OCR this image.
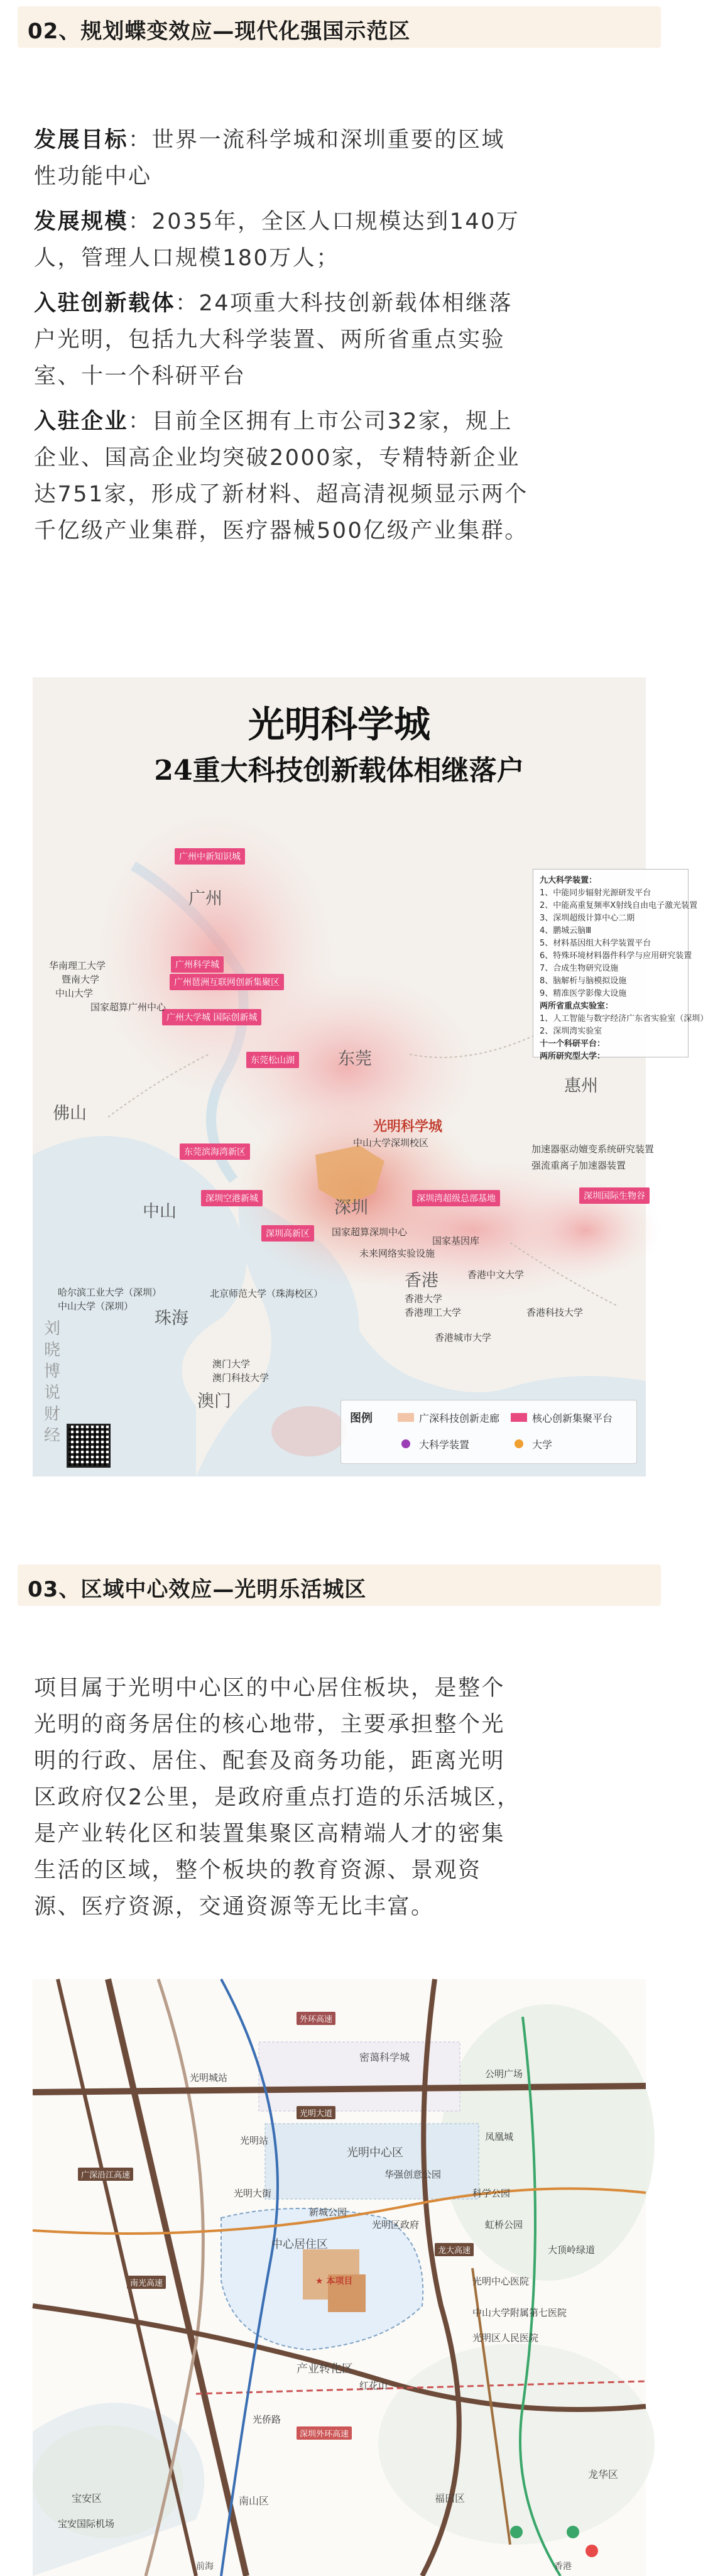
02、规划蝶变效应—现代化强国示范区
发展目标：世界一流科学城和深圳重要的区域
性功能中心
发展规模：2035年，全区人口规模达到140万
人，管理人口规模180万人；
入驻创新载体：24项重大科技创新载体相继落
户光明，包括九大科学装置、两所省重点实验
室、十一个科研平台
入驻企业：目前全区拥有上市公司32家，规上
企业、国高企业均突破2000家，专精特新企业
达751家，形成了新材料、超高清视频显示两个
千亿级产业集群，医疗器械500亿级产业集群。
光明科学城
24重大科技创新载体相继落户
广州
东莞
惠州
佛山
中山	深圳
珠海
澳门
香港
光明科学城
广州中新知识城
广州科学城
广州琶洲互联网创新集聚区
广州大学城 国际创新城
东莞松山湖
东莞滨海湾新区
深圳空港新城	深圳湾超级总部基地
深圳高新区
深圳国际生物谷
华南理工大学
暨南大学
中山大学
哈尔滨工业大学（深圳）
中山大学（深圳）
北京师范大学（珠海校区）
澳门大学
澳门科技大学
香港中文大学
香港大学
香港理工大学	香港科技大学
香港城市大学
国家超算广州中心
国家超算深圳中心
国家基因库
未来网络实验设施
中山大学深圳校区
加速器驱动嬗变系统研究装置
强流重离子加速器装置
九大科学装置：
1、中能同步辐射光源研发平台
2、中能高重复频率X射线自由电子激光装置
3、深圳超级计算中心二期
4、鹏城云脑Ⅲ
5、材料基因组大科学装置平台
6、特殊环境材料器件科学与应用研究装置
7、合成生物研究设施
8、脑解析与脑模拟设施
9、精准医学影像大设施
两所省重点实验室：
1、人工智能与数字经济广东省实验室（深圳）
2、深圳湾实验室
十一个科研平台：
两所研究型大学：
刘晓博说财经
图例	广深科技创新走廊	核心创新集聚平台
大科学装置	大学
03、区域中心效应—光明乐活城区
项目属于光明中心区的中心居住板块，是整个
光明的商务居住的核心地带，主要承担整个光
明的行政、居住、配套及商务功能，距离光明
区政府仅2公里，是政府重点打造的乐活城区，
是产业转化区和装置集聚区高精端人才的密集
生活的区域，整个板块的教育资源、景观资
源、医疗资源，交通资源等无比丰富。
密蔼科学城
光明中心区
中心居住区
产业转化区
宝安区	南山区	福田区
龙华区
前海	香港
★ 本项目
外环高速
光明大道
龙大高速
南光高速
广深沿江高速
深圳外环高速
光明城站
光明站
公明广场
凤凰城
光明大街	科学公园
红花山
光侨路
光明区政府
光明中心医院
中山大学附属第七医院
光明区人民医院
华强创意公园
新城公园
大顶岭绿道
虹桥公园
宝安国际机场
